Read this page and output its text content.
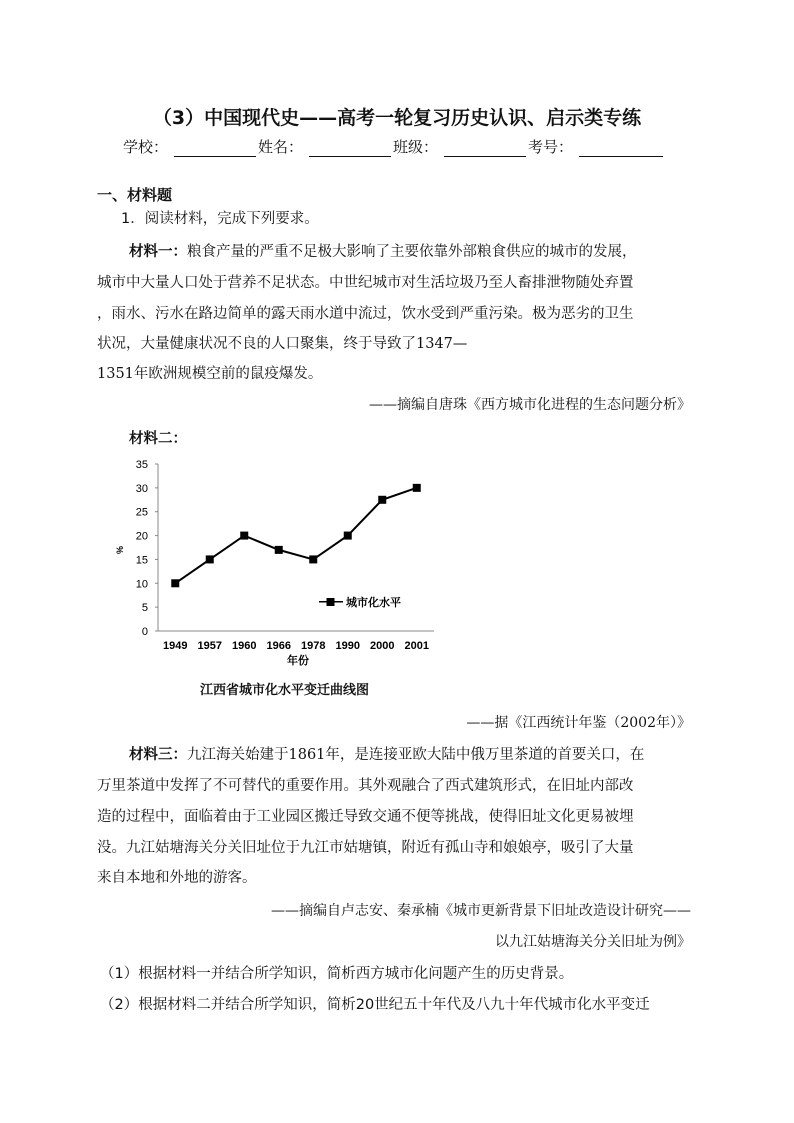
（3）中国现代史——高考一轮复习历史认识、启示类专练
学校：	姓名：	班级：	考号：
一、材料题
1．阅读材料，完成下列要求。
材料一：粮食产量的严重不足极大影响了主要依靠外部粮食供应的城市的发展，
城市中大量人口处于营养不足状态。中世纪城市对生活垃圾乃至人畜排泄物随处弃置
，雨水、污水在路边简单的露天雨水道中流过，饮水受到严重污染。极为恶劣的卫生
状况，大量健康状况不良的人口聚集，终于导致了1347—
1351年欧洲规模空前的鼠疫爆发。
——摘编自唐珠《西方城市化进程的生态问题分析》
材料二：
0
5
10
15
20
25
30
35
1949 1957 1960 1966 1978 1990 2000 2001
%
年份
城市化水平
江西省城市化水平变迁曲线图
——据《江西统计年鉴（2002年）》
材料三：九江海关始建于1861年，是连接亚欧大陆中俄万里茶道的首要关口，在
万里茶道中发挥了不可替代的重要作用。其外观融合了西式建筑形式，在旧址内部改
造的过程中，面临着由于工业园区搬迁导致交通不便等挑战，使得旧址文化更易被埋
没。九江姑塘海关分关旧址位于九江市姑塘镇，附近有孤山寺和娘娘亭，吸引了大量
来自本地和外地的游客。
——摘编自卢志安、秦承楠《城市更新背景下旧址改造设计研究——
以九江姑塘海关分关旧址为例》
（1）根据材料一并结合所学知识，简析西方城市化问题产生的历史背景。
（2）根据材料二并结合所学知识，简析20世纪五十年代及八九十年代城市化水平变迁
